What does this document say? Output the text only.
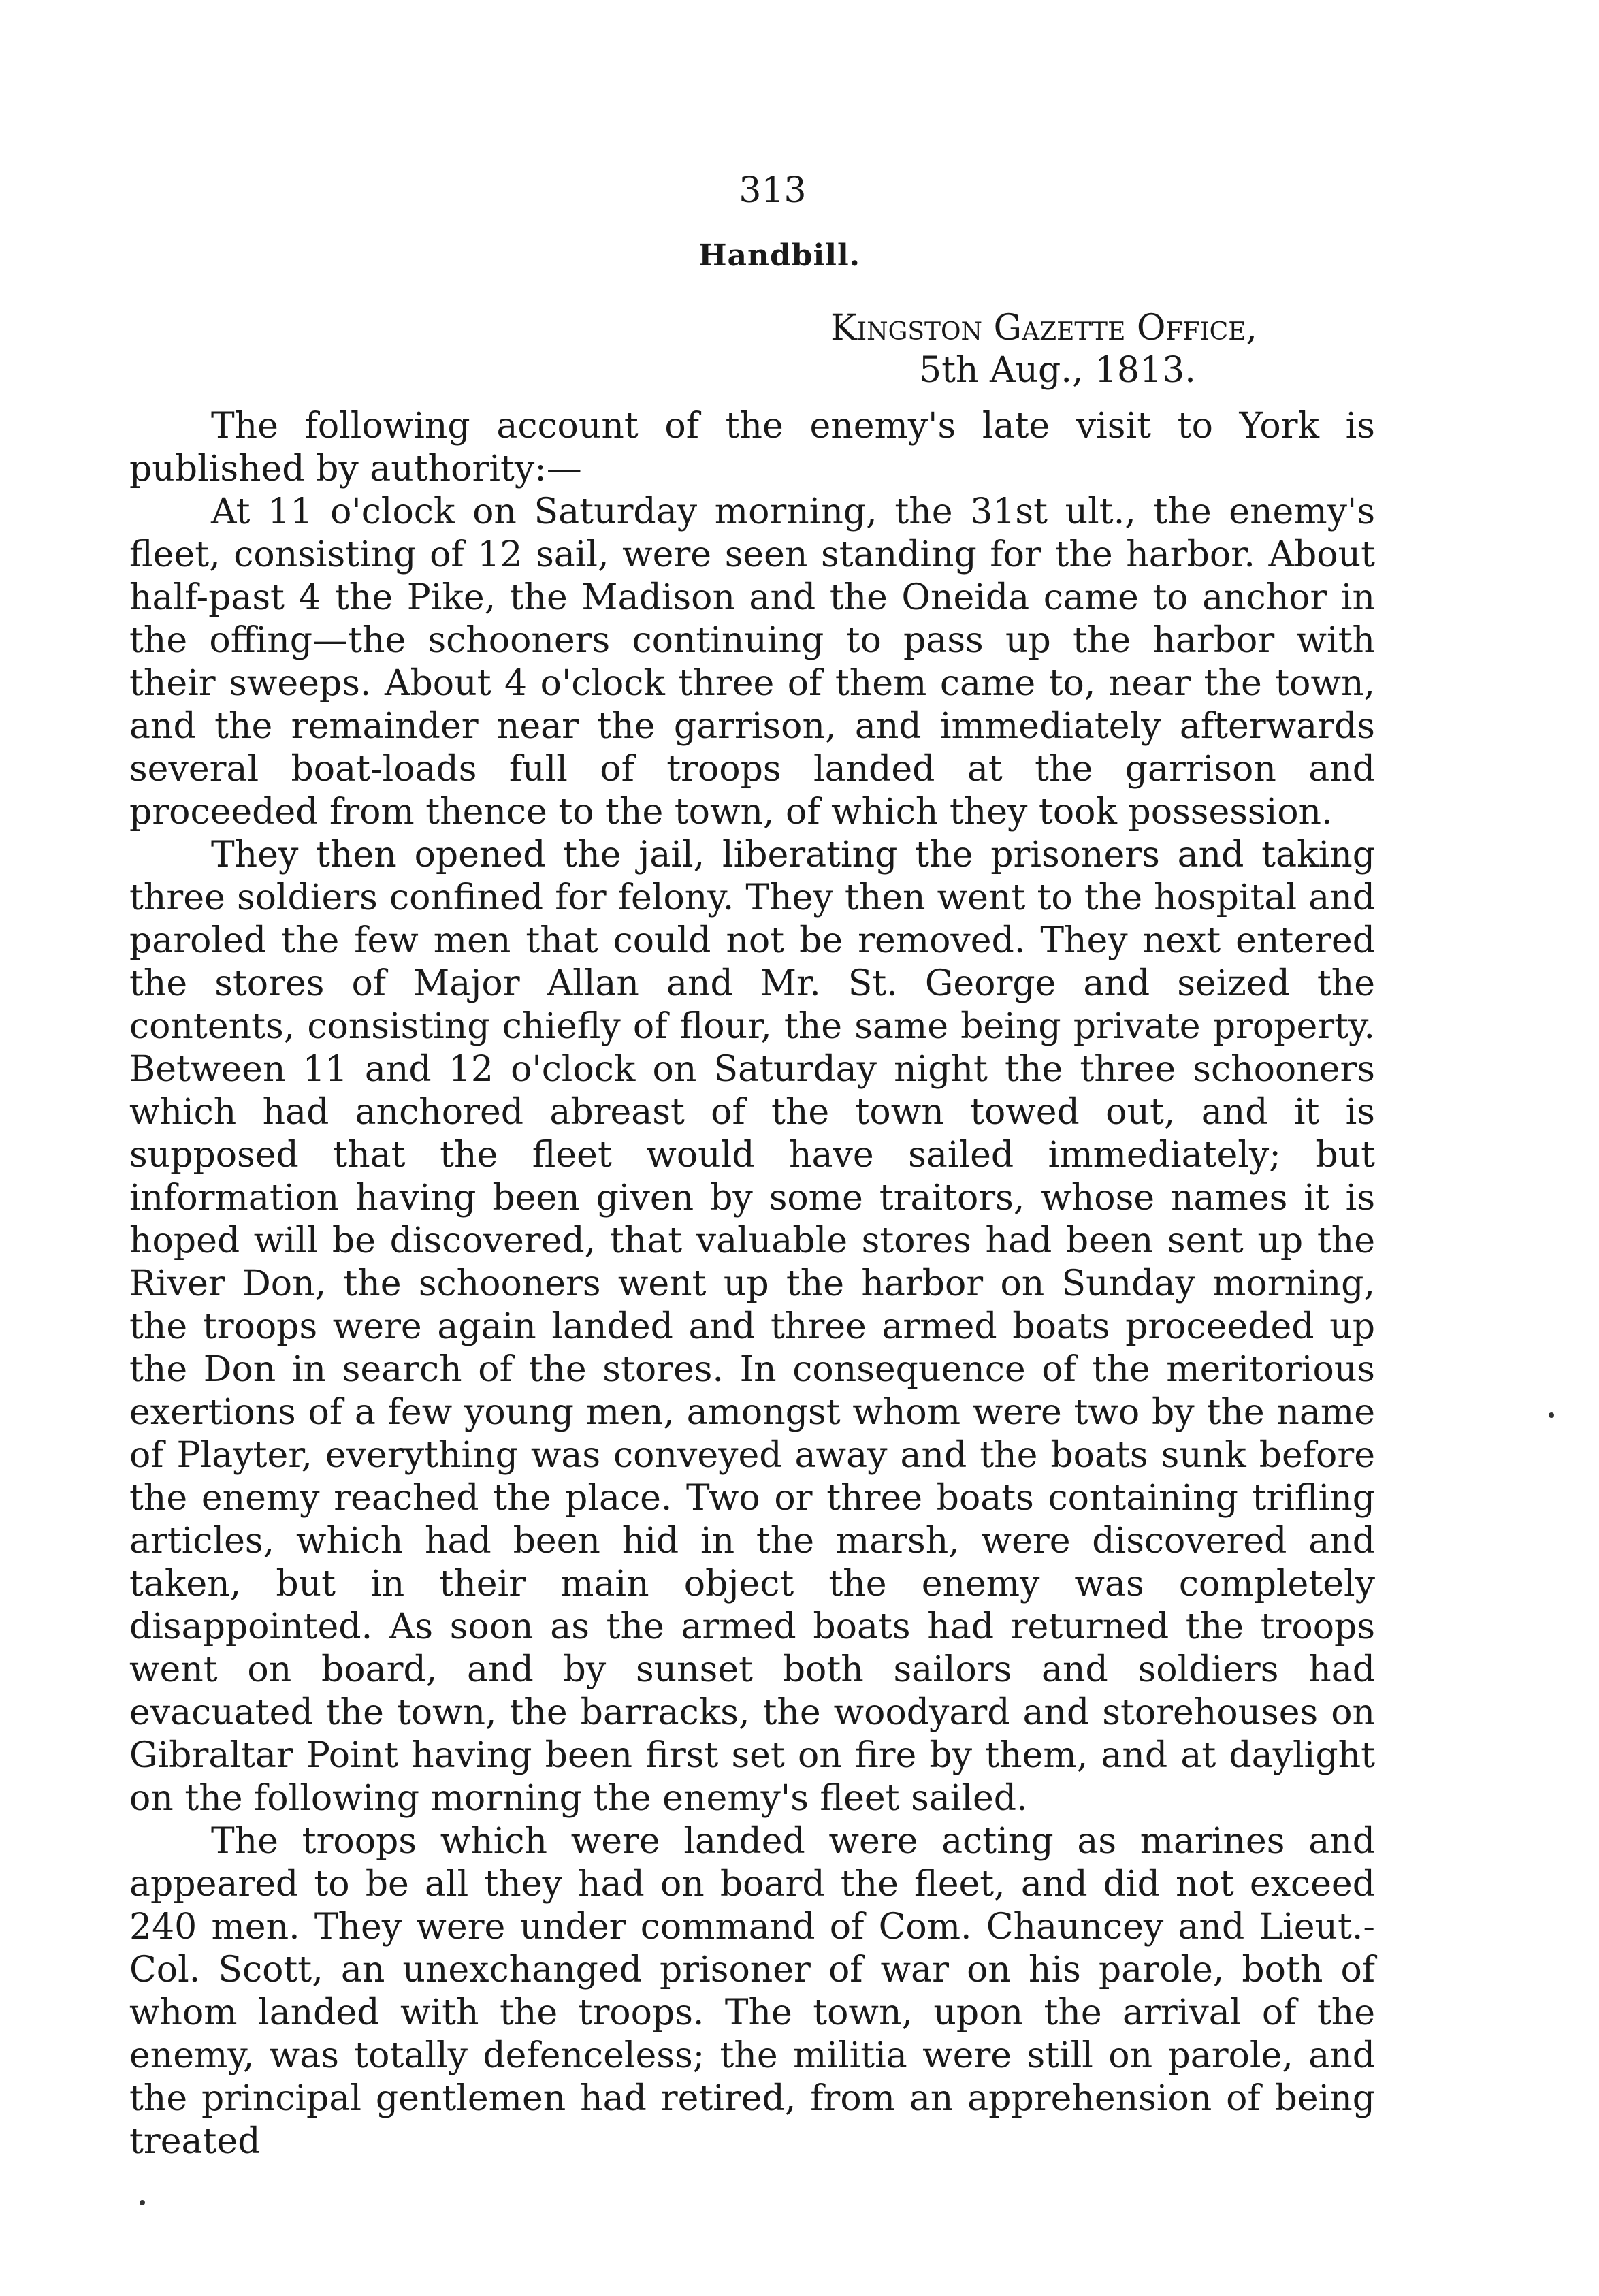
313
Handbill.
Kingston Gazette Office,
5th Aug., 1813.

The following account of the enemy's late visit to York is published by authority:—

At 11 o'clock on Saturday morning, the 31st ult., the enemy's fleet, consisting of 12 sail, were seen standing for the harbor. About half-past 4 the Pike, the Madison and the Oneida came to anchor in the offing—the schooners continuing to pass up the harbor with their sweeps. About 4 o'clock three of them came to, near the town, and the remainder near the garrison, and immediately afterwards several boat-loads full of troops landed at the garrison and proceeded from thence to the town, of which they took possession.

They then opened the jail, liberating the prisoners and taking three soldiers confined for felony. They then went to the hospital and paroled the few men that could not be removed. They next entered the stores of Major Allan and Mr. St. George and seized the contents, consisting chiefly of flour, the same being private property. Between 11 and 12 o'clock on Saturday night the three schooners which had anchored abreast of the town towed out, and it is supposed that the fleet would have sailed immediately; but information having been given by some traitors, whose names it is hoped will be discovered, that valuable stores had been sent up the River Don, the schooners went up the harbor on Sunday morning, the troops were again landed and three armed boats proceeded up the Don in search of the stores. In consequence of the meritorious exertions of a few young men, amongst whom were two by the name of Playter, everything was conveyed away and the boats sunk before the enemy reached the place. Two or three boats containing trifling articles, which had been hid in the marsh, were discovered and taken, but in their main object the enemy was completely disappointed. As soon as the armed boats had returned the troops went on board, and by sunset both sailors and soldiers had evacuated the town, the barracks, the woodyard and storehouses on Gibraltar Point having been first set on fire by them, and at daylight on the following morning the enemy's fleet sailed.

The troops which were landed were acting as marines and appeared to be all they had on board the fleet, and did not exceed 240 men. They were under command of Com. Chauncey and Lieut.-Col. Scott, an unexchanged prisoner of war on his parole, both of whom landed with the troops. The town, upon the arrival of the enemy, was totally defenceless; the militia were still on parole, and the principal gentlemen had retired, from an apprehension of being treated
